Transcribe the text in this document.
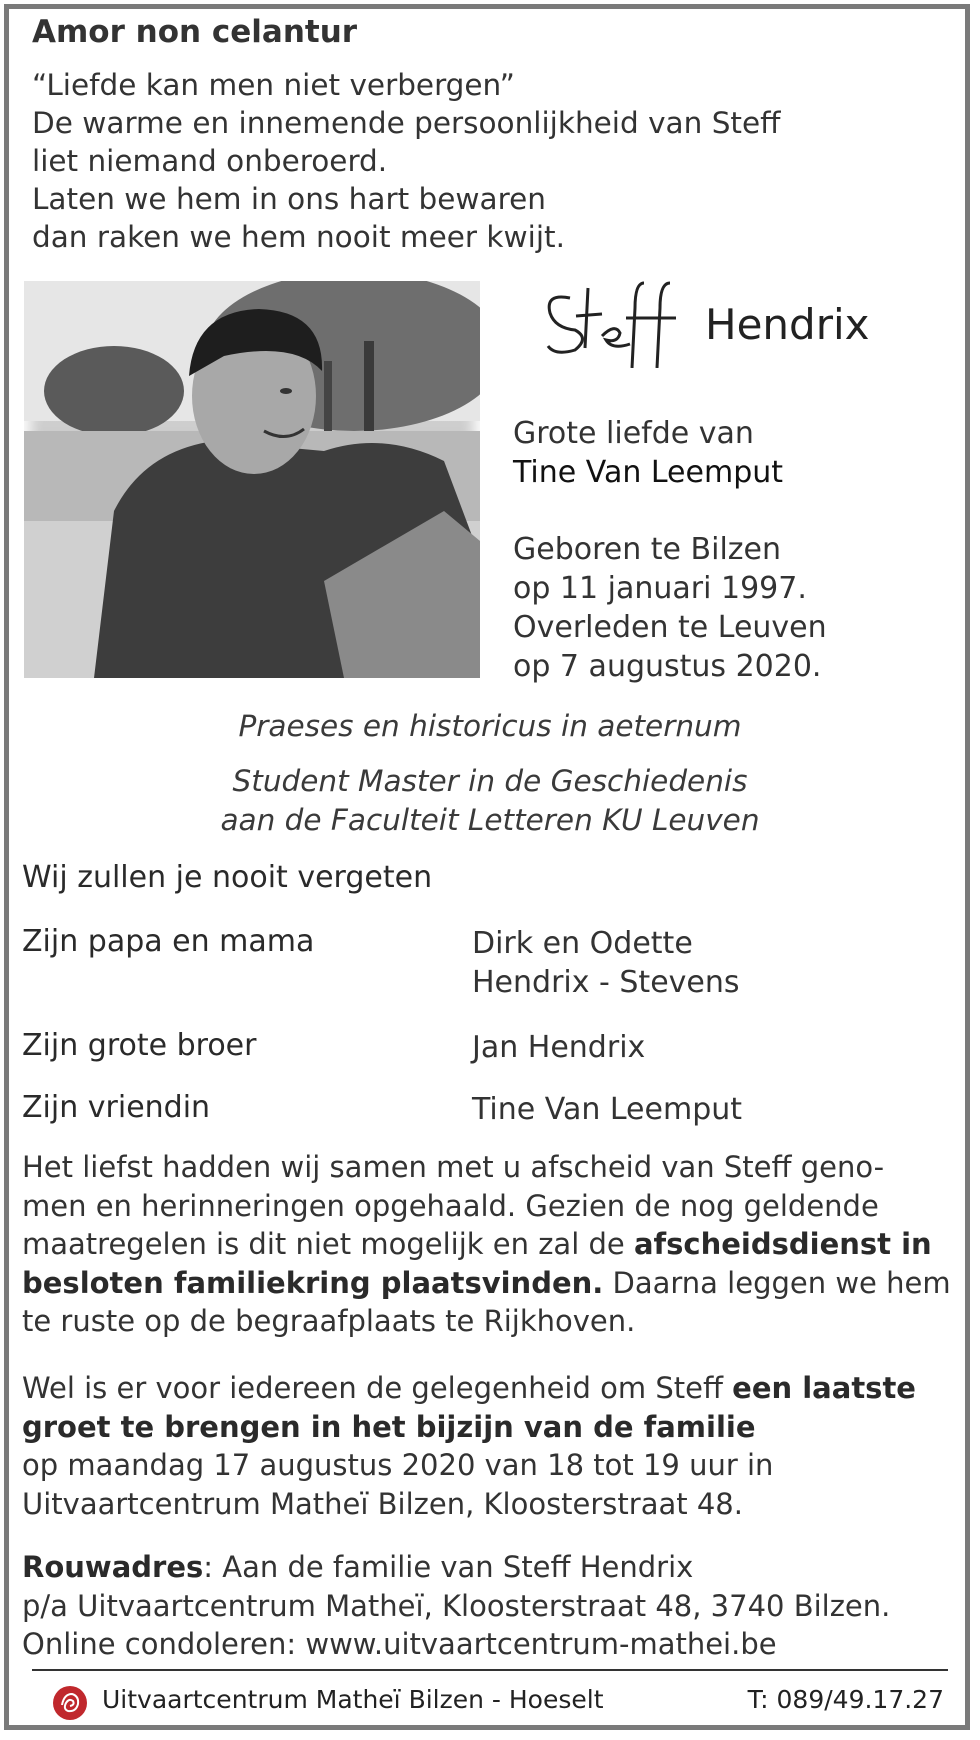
Amor non celantur
“Liefde kan men niet verbergen”
De warme en innemende persoonlijkheid van Steff
liet niemand onberoerd.
Laten we hem in ons hart bewaren
dan raken we hem nooit meer kwijt.
Hendrix
Grote liefde van
Tine Van Leemput
Geboren te Bilzen
op 11 januari 1997.
Overleden te Leuven
op 7 augustus 2020.
Praeses en historicus in aeternum
Student Master in de Geschiedenis
aan de Faculteit Letteren KU Leuven
Wij zullen je nooit vergeten
Zijn papa en mama	Dirk en Odette
Hendrix - Stevens
Zijn grote broer	Jan Hendrix
Zijn vriendin	Tine Van Leemput
Het liefst hadden wij samen met u afscheid van Steff geno-
men en herinneringen opgehaald. Gezien de nog geldende
maatregelen is dit niet mogelijk en zal de afscheidsdienst in
besloten familiekring plaatsvinden. Daarna leggen we hem
te ruste op de begraafplaats te Rijkhoven.
Wel is er voor iedereen de gelegenheid om Steff een laatste
groet te brengen in het bijzijn van de familie
op maandag 17 augustus 2020 van 18 tot 19 uur in
Uitvaartcentrum Matheï Bilzen, Kloosterstraat 48.
Rouwadres: Aan de familie van Steff Hendrix
p/a Uitvaartcentrum Matheï, Kloosterstraat 48, 3740 Bilzen.
Online condoleren: www.uitvaartcentrum-mathei.be
Uitvaartcentrum Matheï Bilzen - Hoeselt	T: 089/49.17.27
